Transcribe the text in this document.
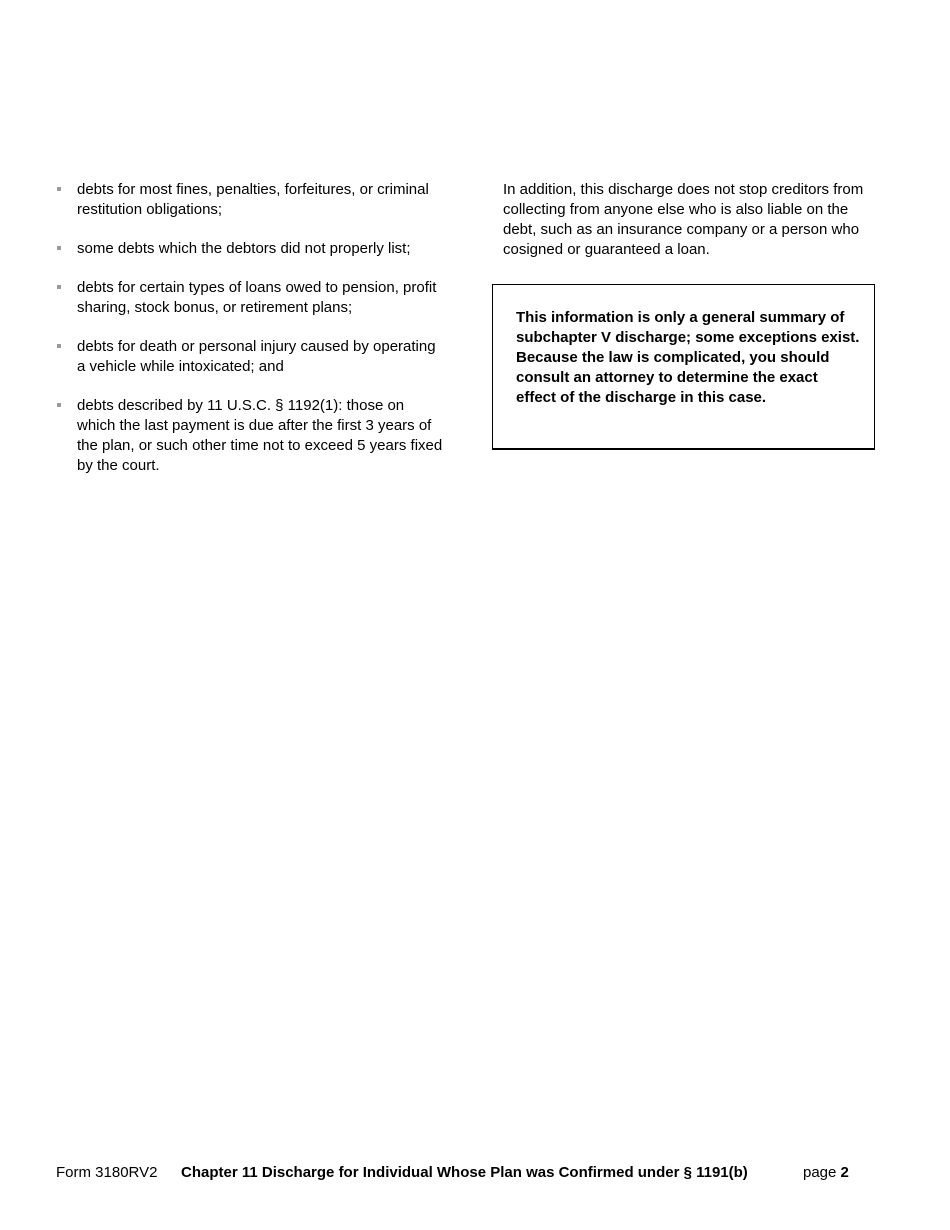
debts for most fines, penalties, forfeitures, or criminal restitution obligations;
some debts which the debtors did not properly list;
debts for certain types of loans owed to pension, profit sharing, stock bonus, or retirement plans;
debts for death or personal injury caused by operating a vehicle while intoxicated; and
debts described by 11 U.S.C. § 1192(1): those on which the last payment is due after the first 3 years of the plan, or such other time not to exceed 5 years fixed by the court.

In addition, this discharge does not stop creditors from collecting from anyone else who is also liable on the debt, such as an insurance company or a person who cosigned or guaranteed a loan.

This information is only a general summary of subchapter V discharge; some exceptions exist. Because the law is complicated, you should consult an attorney to determine the exact effect of the discharge in this case.

Form 3180RV2 Chapter 11 Discharge for Individual Whose Plan was Confirmed under § 1191(b)	page 2
